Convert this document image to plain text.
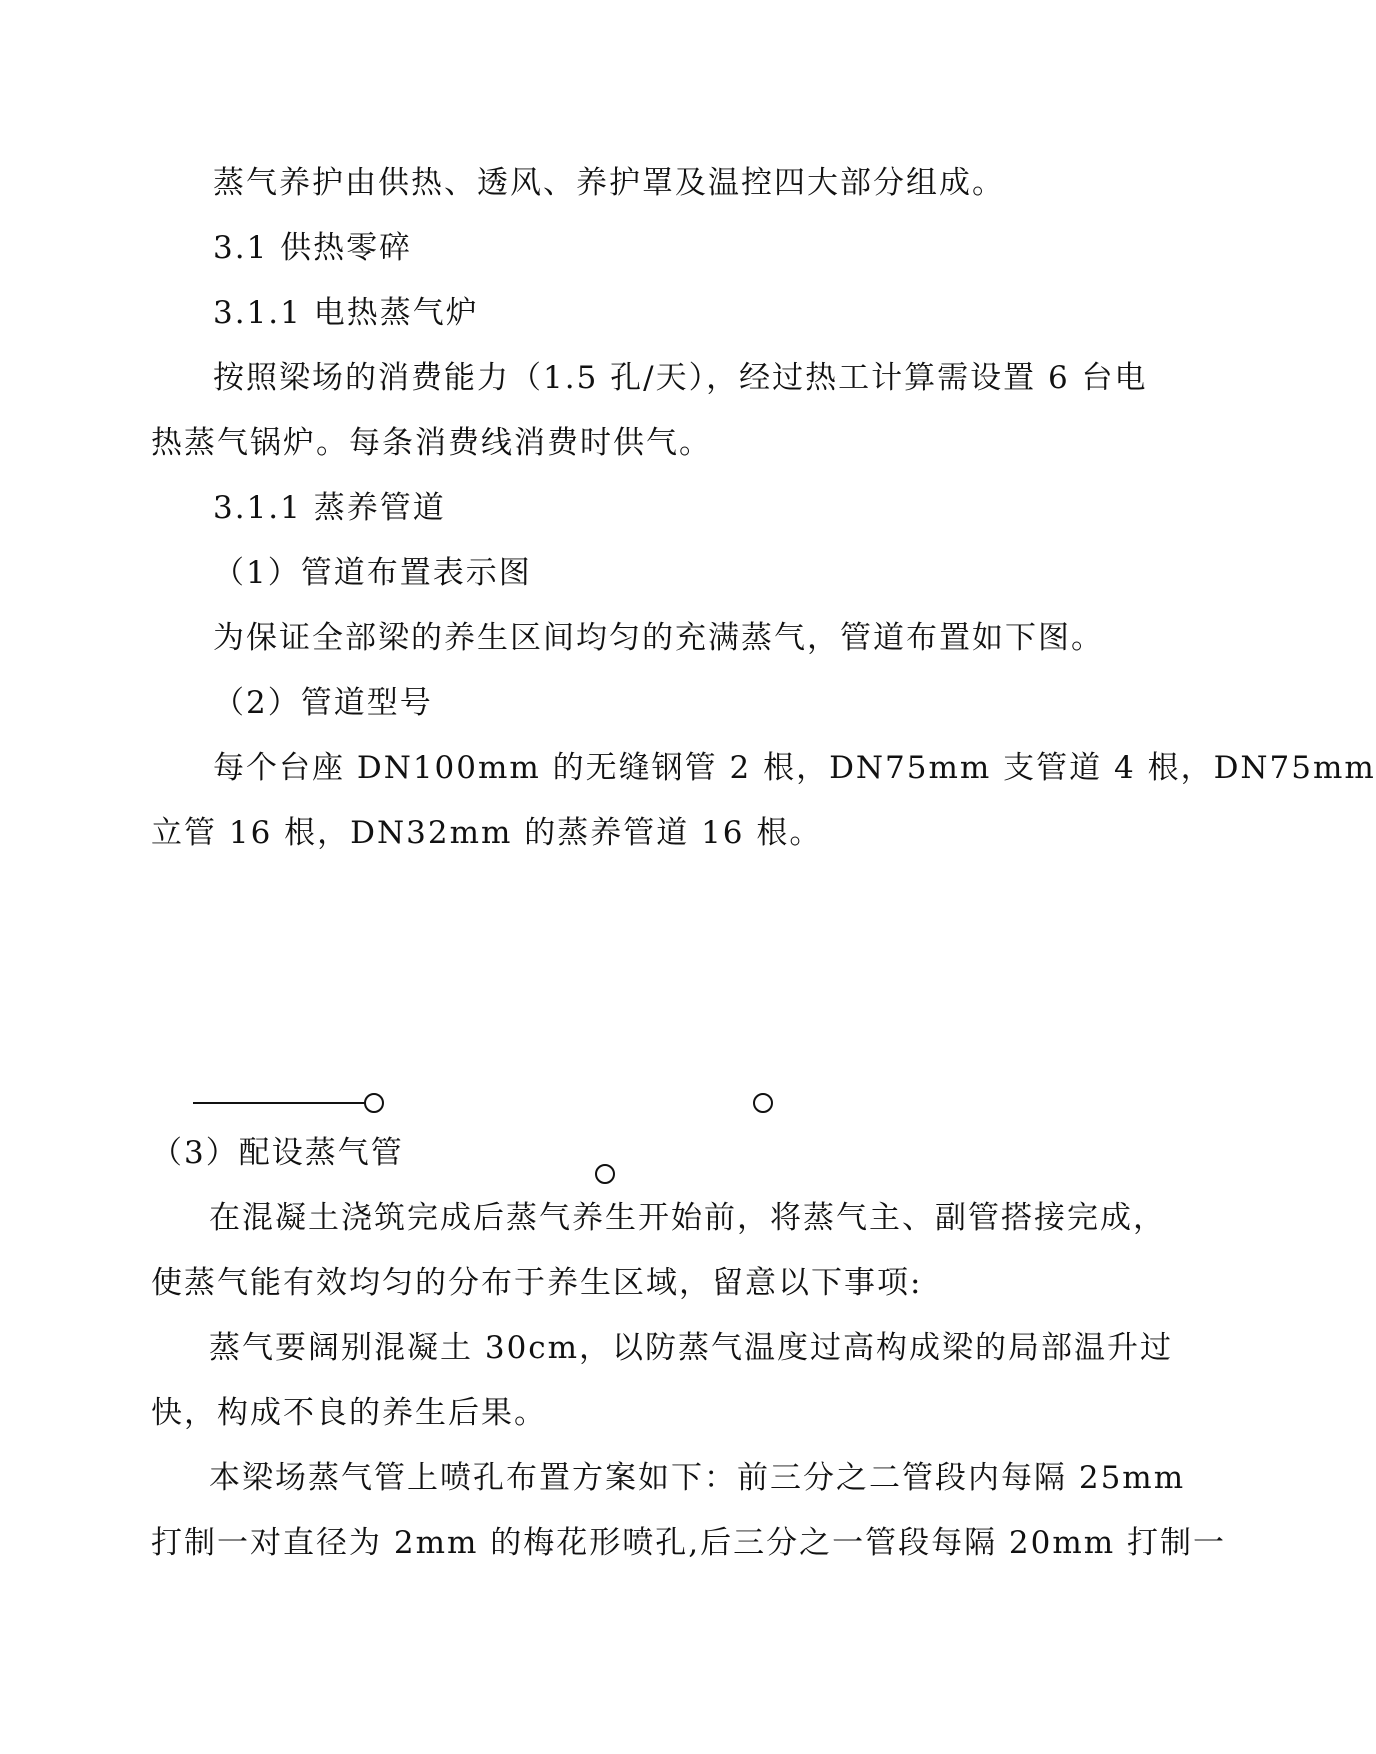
蒸气养护由供热、透风、养护罩及温控四大部分组成。

3.1 供热零碎

3.1.1 电热蒸气炉

按照梁场的消费能力（1.5 孔/天），经过热工计算需设置 6 台电

热蒸气锅炉。每条消费线消费时供气。

3.1.1 蒸养管道

（1）管道布置表示图

为保证全部梁的养生区间均匀的充满蒸气，管道布置如下图。

（2）管道型号

每个台座 DN100mm 的无缝钢管 2 根，DN75mm 支管道 4 根，DN75mm

立管 16 根，DN32mm 的蒸养管道 16 根。

（3）配设蒸气管

在混凝土浇筑完成后蒸气养生开始前，将蒸气主、副管搭接完成，

使蒸气能有效均匀的分布于养生区域，留意以下事项:

蒸气要阔别混凝土 30cm，以防蒸气温度过高构成梁的局部温升过

快，构成不良的养生后果。

本梁场蒸气管上喷孔布置方案如下：前三分之二管段内每隔 25mm

打制一对直径为 2mm 的梅花形喷孔,后三分之一管段每隔 20mm 打制一
